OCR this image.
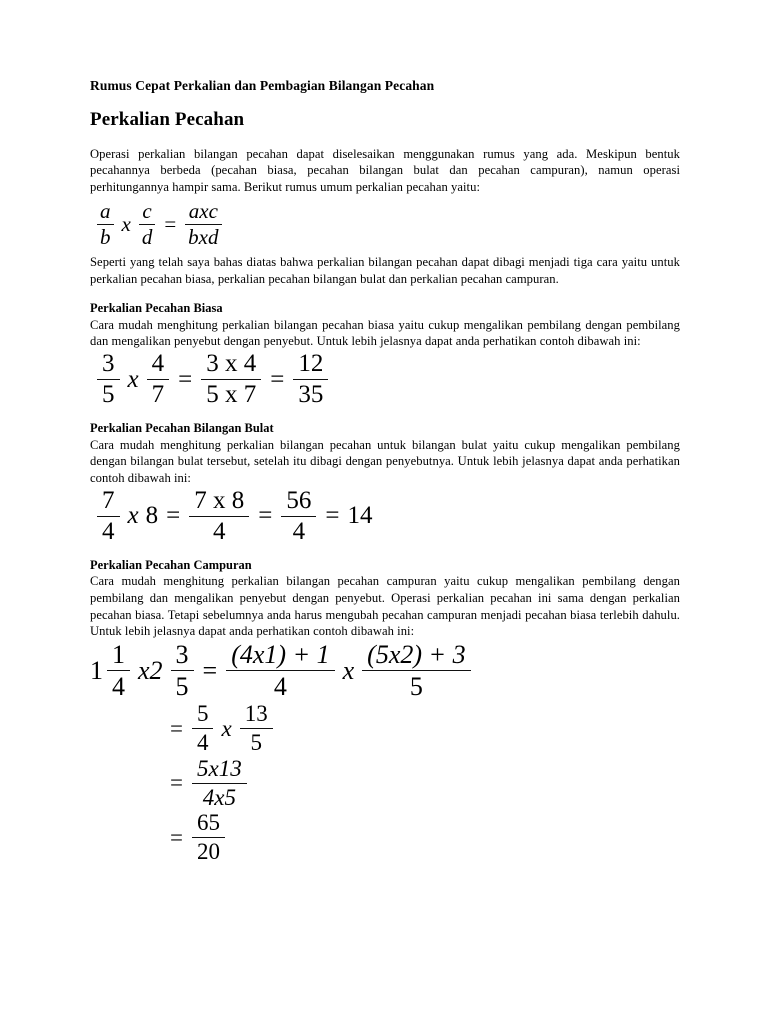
Rumus Cepat Perkalian dan Pembagian Bilangan Pecahan
Perkalian Pecahan

Operasi perkalian bilangan pecahan dapat diselesaikan menggunakan rumus yang ada. Meskipun bentuk pecahannya berbeda (pecahan biasa, pecahan bilangan bulat dan pecahan campuran), namun operasi perhitungannya hampir sama. Berikut rumus umum perkalian pecahan yaitu:

$\frac{a}{b}$ x $\frac{c}{d} = \frac{\text{axc}}{\text{bxd}}$

Seperti yang telah saya bahas diatas bahwa perkalian bilangan pecahan dapat dibagi menjadi tiga cara yaitu untuk perkalian pecahan biasa, perkalian pecahan bilangan bulat dan perkalian pecahan campuran.

Perkalian Pecahan Biasa

Cara mudah menghitung perkalian bilangan pecahan biasa yaitu cukup mengalikan pembilang dengan pembilang dan mengalikan penyebut dengan penyebut. Untuk lebih jelasnya dapat anda perhatikan contoh dibawah ini:

$\frac{3}{5}$ x $\frac{4}{7} = \frac{3 x 4}{5 x 7} = \frac{12}{35}$
Perkalian Pecahan Bilangan Bulat

Cara mudah menghitung perkalian bilangan pecahan untuk bilangan bulat yaitu cukup mengalikan pembilang dengan bilangan bulat tersebut, setelah itu dibagi dengan penyebutnya. Untuk lebih jelasnya dapat anda perhatikan contoh dibawah ini:

$\frac{7}{4}$ x $8 = \frac{7 x 8}{4} = \frac{56}{4} = 14$
Perkalian Pecahan Campuran

Cara mudah menghitung perkalian bilangan pecahan campuran yaitu cukup mengalikan pembilang dengan pembilang dan mengalikan penyebut dengan penyebut. Operasi perkalian pecahan ini sama dengan perkalian pecahan biasa. Tetapi sebelumnya anda harus mengubah pecahan campuran menjadi pecahan biasa terlebih dahulu. Untuk lebih jelasnya dapat anda perhatikan contoh dibawah ini:

$1 \frac{1}{4} x2 \frac{3}{5} = \frac{(4x1) + 1}{4}$ x $\frac{(5x2) + 3}{5}$
= $\frac{5}{4}$ x $\frac{13}{5}$
= $\frac{5x13}{4x5}$
= $\frac{65}{20}$
